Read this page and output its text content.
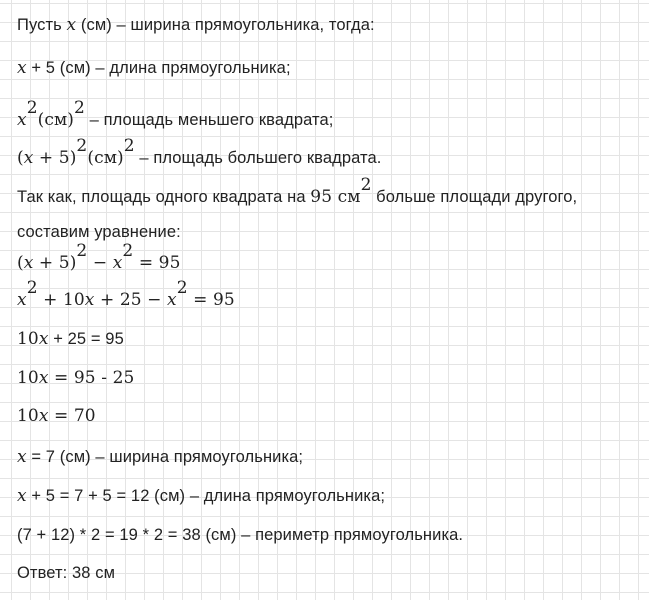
Пусть x (см) – ширина прямоугольника, тогда:
x + 5 (см) – длина прямоугольника;
$x^2(см)^2$ – площадь меньшего квадрата;
$(x + 5)^2(см)^2$ – площадь большего квадрата.
Так как, площадь одного квадрата на 95 $см^2$ больше площади другого,
составим уравнение:
$(x + 5)^2 - x^2 = 95$
$x^2 + 10x + 25 - x^2 = 95$
10x + 25 = 95
10x = 95 - 25
10x = 70
x = 7 (см) – ширина прямоугольника;
x + 5 = 7 + 5 = 12 (см) – длина прямоугольника;
(7 + 12) * 2 = 19 * 2 = 38 (см) – периметр прямоугольника.
Ответ: 38 см
